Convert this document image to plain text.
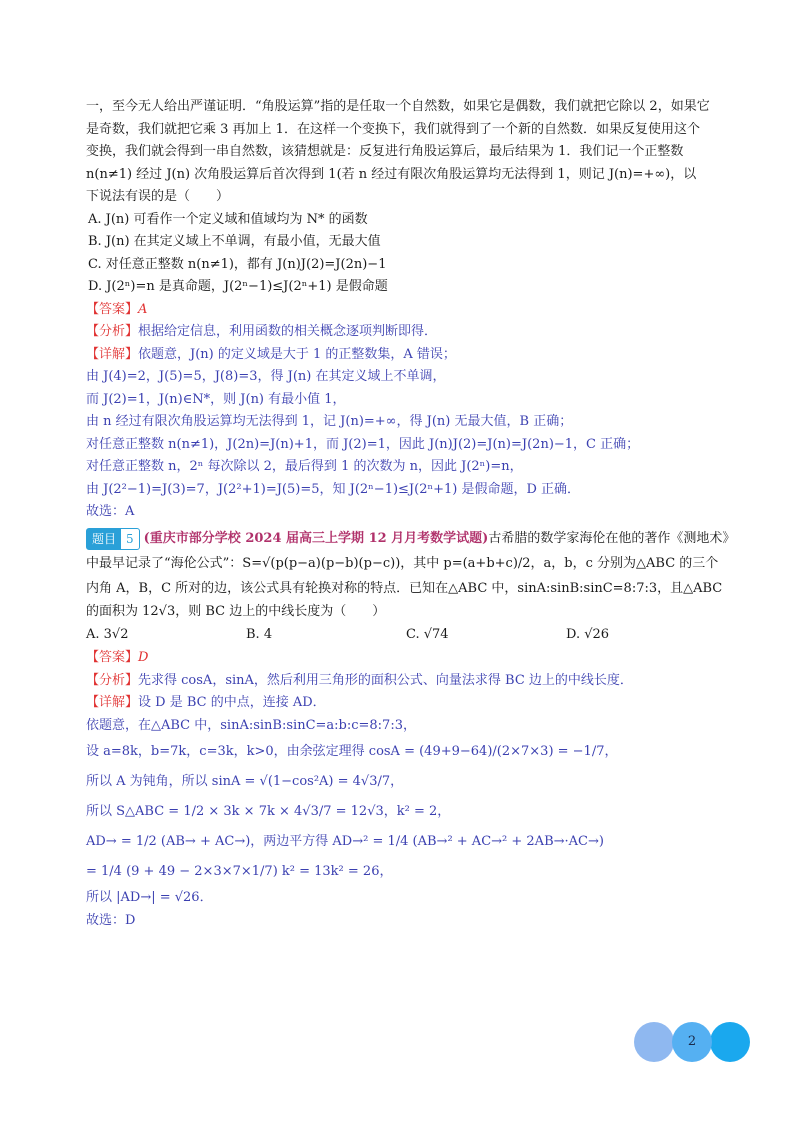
一，至今无人给出严谨证明．“角股运算”指的是任取一个自然数，如果它是偶数，我们就把它除以 2，如果它
是奇数，我们就把它乘 3 再加上 1．在这样一个变换下，我们就得到了一个新的自然数．如果反复使用这个
变换，我们就会得到一串自然数，该猜想就是：反复进行角股运算后，最后结果为 1．我们记一个正整数
n(n≠1) 经过 J(n) 次角股运算后首次得到 1(若 n 经过有限次角股运算均无法得到 1，则记 J(n)=+∞)，以
下说法有误的是（　　）
A. J(n) 可看作一个定义域和值域均为 N* 的函数
B. J(n) 在其定义域上不单调，有最小值，无最大值
C. 对任意正整数 n(n≠1)，都有 J(n)J(2)=J(2n)−1
D. J(2ⁿ)=n 是真命题，J(2ⁿ−1)≤J(2ⁿ+1) 是假命题
【答案】A
【分析】根据给定信息，利用函数的相关概念逐项判断即得．
【详解】依题意，J(n) 的定义域是大于 1 的正整数集，A 错误；
由 J(4)=2，J(5)=5，J(8)=3，得 J(n) 在其定义域上不单调，
而 J(2)=1，J(n)∈N*，则 J(n) 有最小值 1，
由 n 经过有限次角股运算均无法得到 1，记 J(n)=+∞，得 J(n) 无最大值，B 正确；
对任意正整数 n(n≠1)，J(2n)=J(n)+1，而 J(2)=1，因此 J(n)J(2)=J(n)=J(2n)−1，C 正确；
对任意正整数 n，2ⁿ 每次除以 2，最后得到 1 的次数为 n，因此 J(2ⁿ)=n，
由 J(2²−1)=J(3)=7，J(2²+1)=J(5)=5，知 J(2ⁿ−1)≤J(2ⁿ+1) 是假命题，D 正确．
故选：A
题目 5 (重庆市部分学校 2024 届高三上学期 12 月月考数学试题) 古希腊的数学家海伦在他的著作《测地术》
中最早记录了“海伦公式”：S=√(p(p−a)(p−b)(p−c))，其中 p=(a+b+c)/2，a，b，c 分别为△ABC 的三个
内角 A，B，C 所对的边，该公式具有轮换对称的特点．已知在△ABC 中，sinA:sinB:sinC=8:7:3，且△ABC
的面积为 12√3，则 BC 边上的中线长度为（　　）
A. 3√2	B. 4	C. √74	D. √26
【答案】D
【分析】先求得 cosA，sinA，然后利用三角形的面积公式、向量法求得 BC 边上的中线长度．
【详解】设 D 是 BC 的中点，连接 AD．
依题意，在△ABC 中，sinA:sinB:sinC=a:b:c=8:7:3，
设 a=8k，b=7k，c=3k，k>0，由余弦定理得 cosA = (49+9−64)/(2×7×3) = −1/7，
所以 A 为钝角，所以 sinA = √(1−cos²A) = 4√3/7，
所以 S△ABC = 1/2 × 3k × 7k × 4√3/7 = 12√3，k² = 2，
AD→ = 1/2 (AB→ + AC→)，两边平方得 AD→² = 1/4 (AB→² + AC→² + 2AB→·AC→)
= 1/4 (9 + 49 − 2×3×7×1/7) k² = 13k² = 26，
所以 |AD→| = √26．
故选：D
2
